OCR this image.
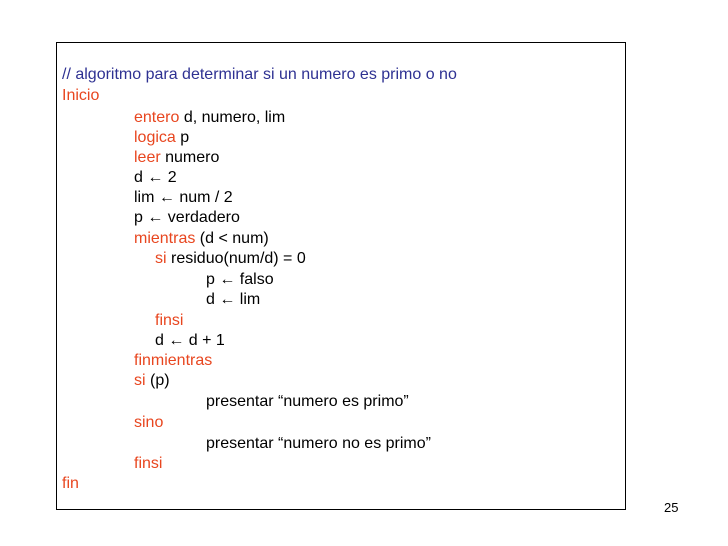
// algoritmo para determinar si un numero es primo o no
Inicio
entero d, numero, lim
logica p
leer numero
d ← 2
lim ← num / 2
p ← verdadero
mientras (d < num)
si residuo(num/d) = 0
p ← falso
d ← lim
finsi
d ← d + 1
finmientras
si (p)
presentar “numero es primo”
sino
presentar “numero no es primo”
finsi
fin
25
